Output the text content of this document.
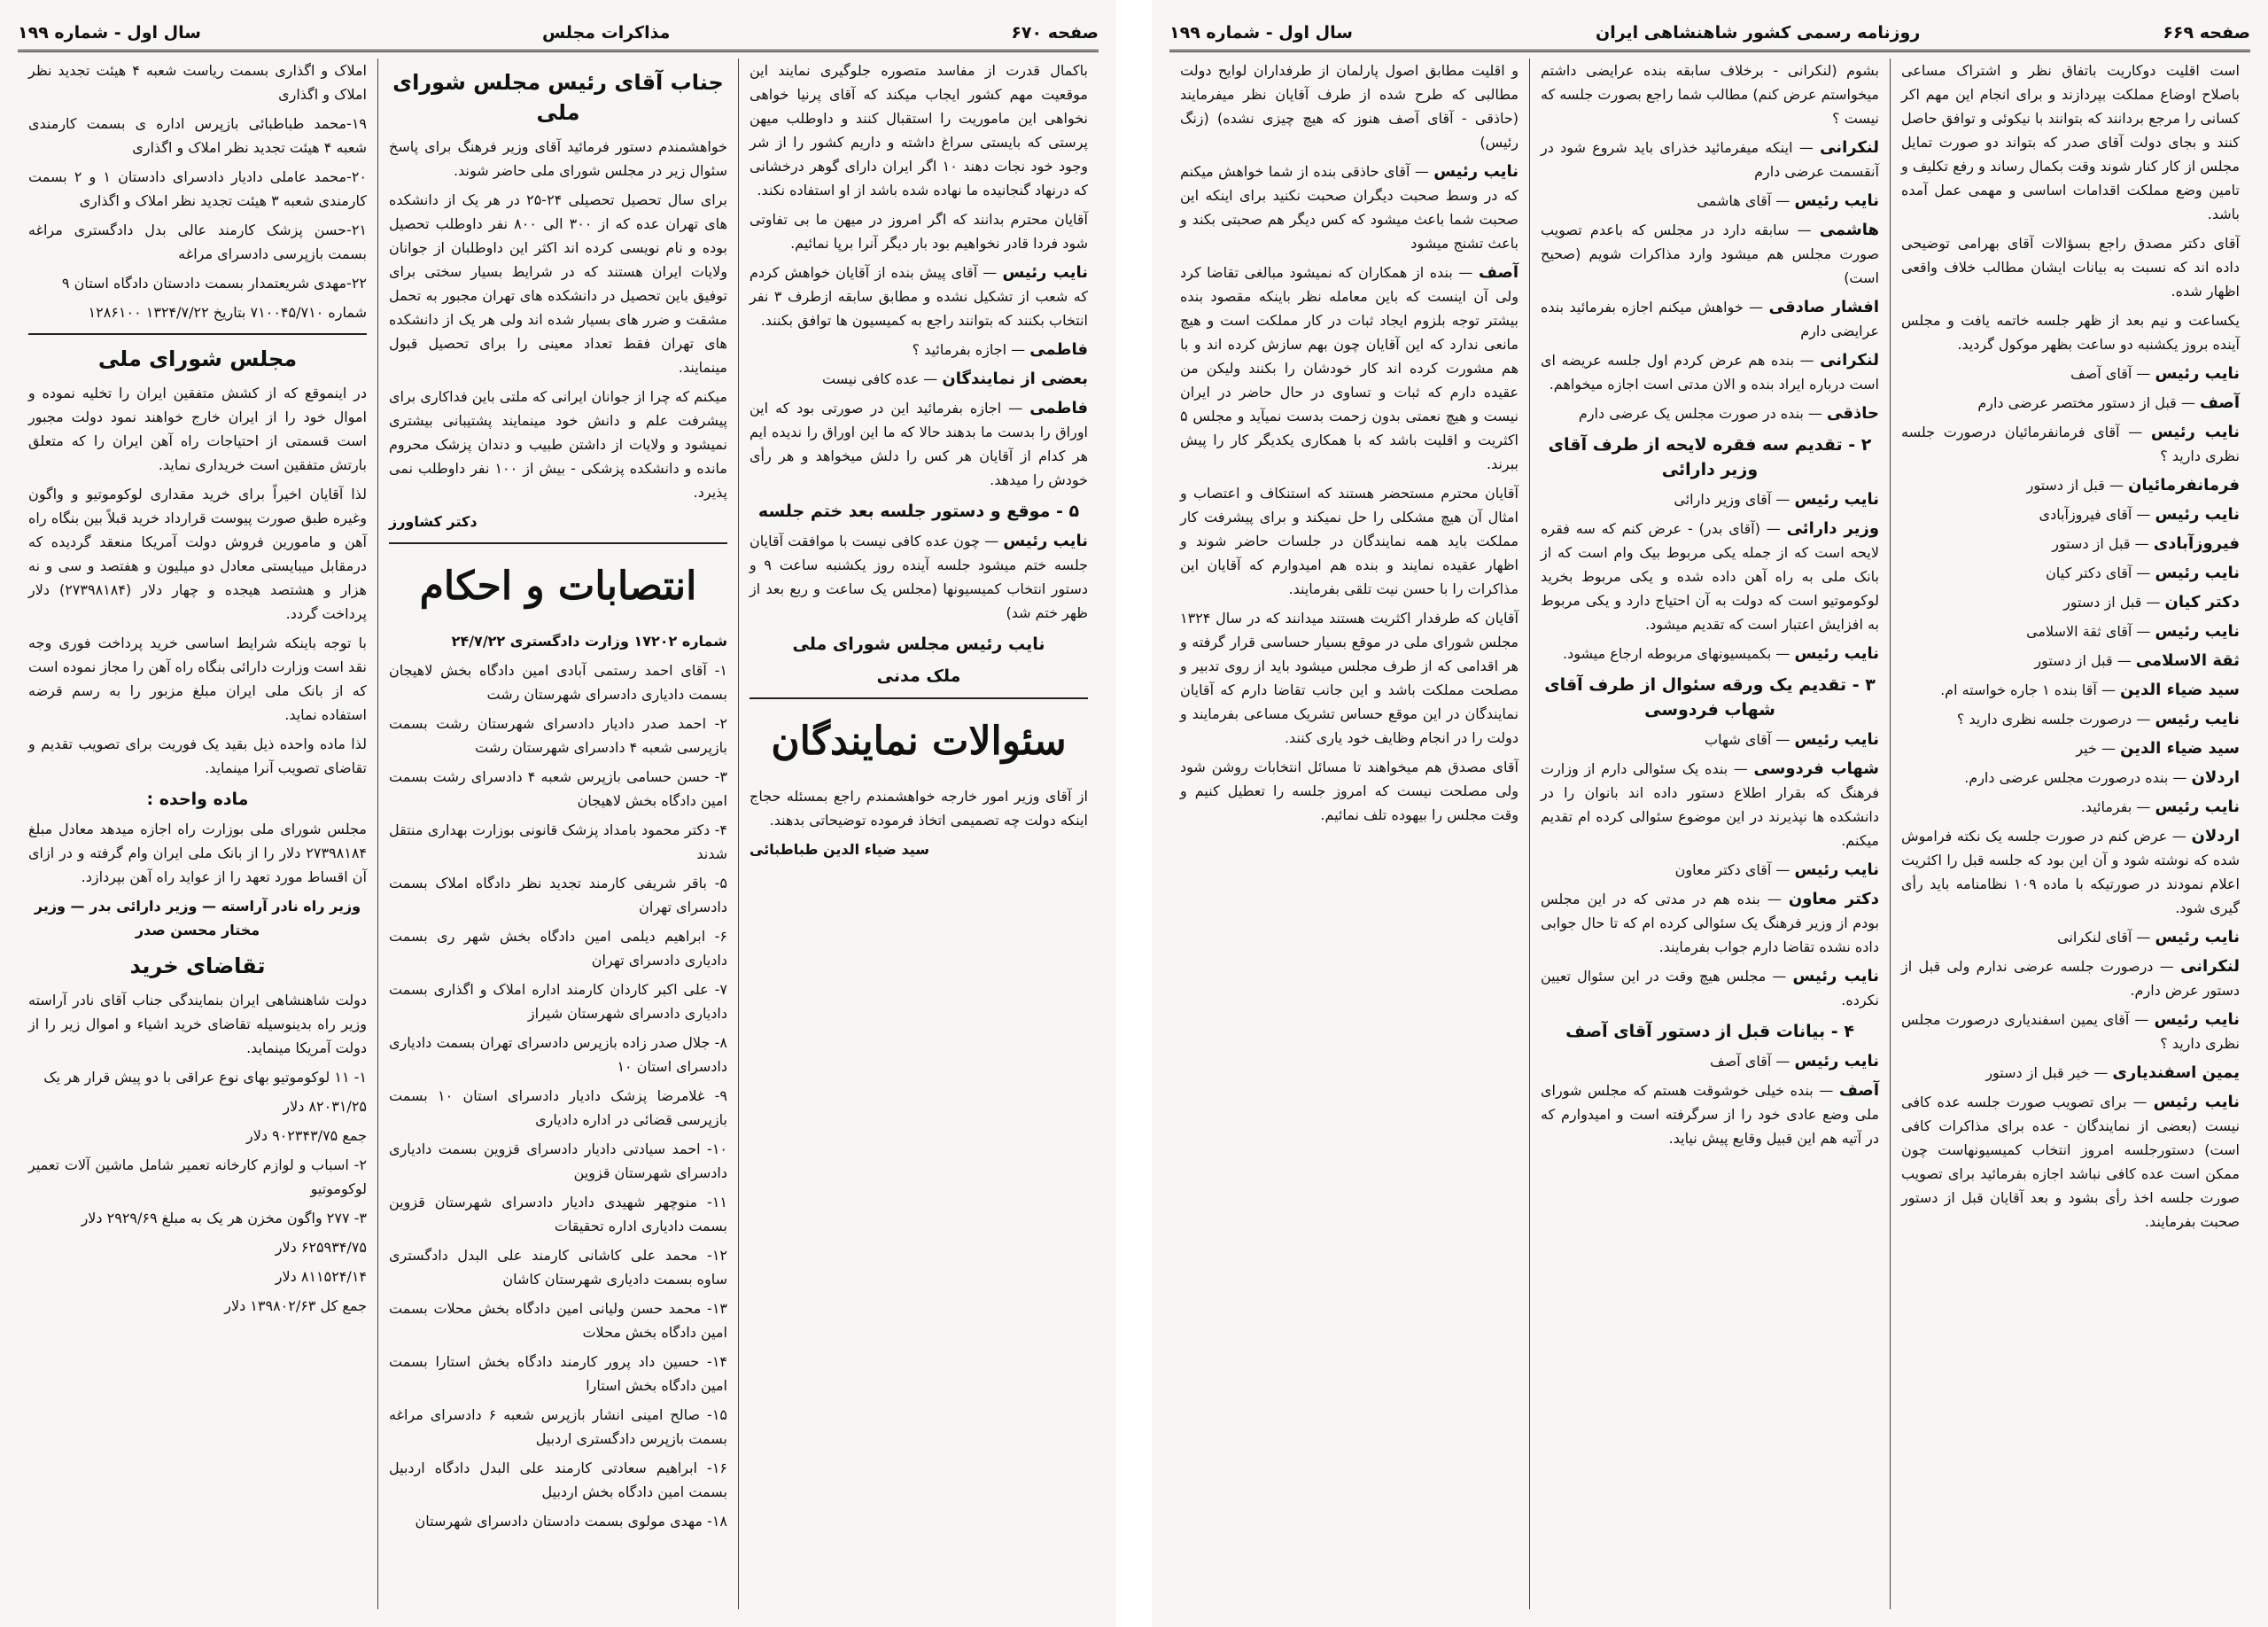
صفحه ۶۷۰
مذاکرات مجلس
سال اول - شماره ۱۹۹

باکمال قدرت از مفاسد متصوره جلوگیری نمایند این موقعیت مهم کشور ایجاب میکند که آقای پرنیا خواهی نخواهی این ماموریت را استقبال کنند و داوطلب میهن پرستی که بایستی سراغ داشته و داریم کشور را از شر وجود خود نجات دهند ۱۰ اگر ایران دارای گوهر درخشانی که درنهاد گنجانیده ما نهاده شده باشد از او استفاده نکند.

آقایان محترم بدانند که اگر امروز در میهن ما بی تفاوتی شود فردا قادر نخواهیم بود بار دیگر آنرا برپا نمائیم.

نایب رئیس — آقای پیش بنده از آقایان خواهش کردم که شعب از تشکیل نشده و مطابق سابقه ازطرف ۳ نفر انتخاب بکنند که بتوانند راجع به کمیسیون ها توافق بکنند.

فاطمی — اجازه بفرمائید ؟

بعضی از نمایندگان — عده کافی نیست

فاطمی — اجازه بفرمائید این در صورتی بود که این اوراق را بدست ما بدهند حالا که ما این اوراق را ندیده ایم هر کدام از آقایان هر کس را دلش میخواهد و هر رأی خودش را میدهد.

۵ - موقع و دستور جلسه بعد ختم جلسه

نایب رئیس — چون عده کافی نیست با موافقت آقایان جلسه ختم میشود جلسه آینده روز یکشنبه ساعت ۹ و دستور انتخاب کمیسیونها (مجلس یک ساعت و ربع بعد از ظهر ختم شد)

نایب رئیس مجلس شورای ملی
ملک مدنی
سئوالات نمایندگان

از آقای وزیر امور خارجه خواهشمندم راجع بمسئله حجاج اینکه دولت چه تصمیمی اتخاذ فرموده توضیحاتی بدهند.

سید ضیاء الدین طباطبائی

جناب آقای رئیس مجلس شورای ملی

خواهشمندم دستور فرمائید آقای وزیر فرهنگ برای پاسخ سئوال زیر در مجلس شورای ملی حاضر شوند.

برای سال تحصیل تحصیلی ۲۴-۲۵ در هر یک از دانشکده های تهران عده که از ۳۰۰ الی ۸۰۰ نفر داوطلب تحصیل بوده و نام نویسی کرده اند اکثر این داوطلبان از جوانان ولایات ایران هستند که در شرایط بسیار سختی برای توفیق باین تحصیل در دانشکده های تهران مجبور به تحمل مشقت و ضرر های بسیار شده اند ولی هر یک از دانشکده های تهران فقط تعداد معینی را برای تحصیل قبول مینمایند.

میکنم که چرا از جوانان ایرانی که ملتی باین فداکاری برای پیشرفت علم و دانش خود مینمایند پشتیبانی بیشتری نمیشود و ولایات از داشتن طبیب و دندان پزشک محروم مانده و دانشکده پزشکی - بیش از ۱۰۰ نفر داوطلب نمی پذیرد.

دکتر کشاورز

انتصابات و احکام

شماره ۱۷۲۰۲ وزارت دادگستری ۲۴/۷/۲۲

۱- آقای احمد رستمی آبادی امین دادگاه بخش لاهیجان بسمت دادیاری دادسرای شهرستان رشت

۲- احمد صدر دادیار دادسرای شهرستان رشت بسمت بازپرسی شعبه ۴ دادسرای شهرستان رشت

۳- حسن حسامی بازپرس شعبه ۴ دادسرای رشت بسمت امین دادگاه بخش لاهیجان

۴- دکتر محمود بامداد پزشک قانونی بوزارت بهداری منتقل شدند

۵- باقر شریفی کارمند تجدید نظر دادگاه املاک بسمت دادسرای تهران

۶- ابراهیم دیلمی امین دادگاه بخش شهر ری بسمت دادیاری دادسرای تهران

۷- علی اکبر کاردان کارمند اداره املاک و اگذاری بسمت دادیاری دادسرای شهرستان شیراز

۸- جلال صدر زاده بازپرس دادسرای تهران بسمت دادیاری دادسرای استان ۱۰

۹- غلامرضا پزشک دادیار دادسرای استان ۱۰ بسمت بازپرسی قضائی در اداره دادیاری

۱۰- احمد سیادتی دادیار دادسرای قزوین بسمت دادیاری دادسرای شهرستان قزوین

۱۱- منوچهر شهیدی دادیار دادسرای شهرستان قزوین بسمت دادیاری اداره تحقیقات

۱۲- محمد علی کاشانی کارمند علی البدل دادگستری ساوه بسمت دادیاری شهرستان کاشان

۱۳- محمد حسن ولیانی امین دادگاه بخش محلات بسمت امین دادگاه بخش محلات

۱۴- حسین داد پرور کارمند دادگاه بخش استارا بسمت امین دادگاه بخش استارا

۱۵- صالح امینی انشار بازپرس شعبه ۶ دادسرای مراغه بسمت بازپرس دادگستری اردبیل

۱۶- ابراهیم سعادتی کارمند علی البدل دادگاه اردبیل بسمت امین دادگاه بخش اردبیل

۱۸- مهدی مولوی بسمت دادستان دادسرای شهرستان

املاک و اگذاری بسمت ریاست شعبه ۴ هیئت تجدید نظر املاک و اگذاری

۱۹-محمد طباطبائی بازپرس اداره ی بسمت کارمندی شعبه ۴ هیئت تجدید نظر املاک و اگذاری

۲۰-محمد عاملی دادیار دادسرای دادستان ۱ و ۲ بسمت کارمندی شعبه ۳ هیئت تجدید نظر املاک و اگذاری

۲۱-حسن پزشک کارمند عالی بدل دادگستری مراغه بسمت بازپرسی دادسرای مراغه

۲۲-مهدی شریعتمدار بسمت دادستان دادگاه استان ۹

شماره ۷۱۰۰۴۵/۷۱۰ بتاریخ ۱۳۲۴/۷/۲۲ ۱۲۸۶۱۰۰

مجلس شورای ملی

در اینموقع که از کشش متفقین ایران را تخلیه نموده و اموال خود را از ایران خارج خواهند نمود دولت مجبور است قسمتی از احتیاجات راه آهن ایران را که متعلق بارتش متفقین است خریداری نماید.

لذا آقایان اخیراً برای خرید مقداری لوکوموتیو و واگون وغیره طبق صورت پیوست قرارداد خرید قبلاً بین بنگاه راه آهن و مامورین فروش دولت آمریکا منعقد گردیده که درمقابل میبایستی معادل دو میلیون و هفتصد و سی و نه هزار و هشتصد هیجده و چهار دلار (۲۷۳۹۸۱۸۴) دلار پرداخت گردد.

با توجه باینکه شرایط اساسی خرید پرداخت فوری وجه نقد است وزارت دارائی بنگاه راه آهن را مجاز نموده است که از بانک ملی ایران مبلغ مزبور را به رسم قرضه استفاده نماید.

لذا ماده واحده ذیل بقید یک فوریت برای تصویب تقدیم و تقاضای تصویب آنرا مینماید.

ماده واحده :

مجلس شورای ملی بوزارت راه اجازه میدهد معادل مبلغ ۲۷۳۹۸۱۸۴ دلار را از بانک ملی ایران وام گرفته و در ازای آن اقساط مورد تعهد را از عواید راه آهن بپردازد.

وزیر راه نادر آراسته — وزیر دارائی بدر — وزیر مختار محسن صدر

تقاضای خرید

دولت شاهنشاهی ایران بنمایندگی جناب آقای نادر آراسته وزیر راه بدینوسیله تقاضای خرید اشیاء و اموال زیر را از دولت آمریکا مینماید.

۱- ۱۱ لوکوموتیو بهای نوع عراقی با دو پیش قرار هر یک

۸۲۰۳۱/۲۵ دلار

جمع ۹۰۲۳۴۳/۷۵ دلار

۲- اسباب و لوازم کارخانه تعمیر شامل ماشین آلات تعمیر لوکوموتیو

۳- ۲۷۷ واگون مخزن هر یک به مبلغ ۲۹۲۹/۶۹ دلار

۶۲۵۹۳۴/۷۵ دلار

۸۱۱۵۲۴/۱۴ دلار

جمع کل ۱۳۹۸۰۲/۶۳ دلار

صفحه ۶۶۹
روزنامه رسمی کشور شاهنشاهی ایران
سال اول - شماره ۱۹۹

است اقلیت دوکاریت باتفاق نظر و اشتراک مساعی باصلاح اوضاع مملکت بپردازند و برای انجام این مهم اکر کسانی را مرجع بردانند که بتوانند با نیکوئی و توافق حاصل کنند و بجای دولت آقای صدر که بتواند دو صورت تمایل مجلس از کار کنار شوند وقت بکمال رساند و رفع تکلیف و تامین وضع مملکت اقدامات اساسی و مهمی عمل آمده باشد.

آقای دکتر مصدق راجع بسؤالات آقای بهرامی توضیحی داده اند که نسبت به بیانات ایشان مطالب خلاف واقعی اظهار شده.

یکساعت و نیم بعد از ظهر جلسه خاتمه یافت و مجلس آینده بروز یکشنبه دو ساعت بظهر موکول گردید.

نایب رئیس — آقای آصف

آصف — قبل از دستور مختصر عرضی دارم

نایب رئیس — آقای فرمانفرمائیان درصورت جلسه نظری دارید ؟

فرمانفرمائیان — قبل از دستور

نایب رئیس — آقای فیروزآبادی

فیروزآبادی — قبل از دستور

نایب رئیس — آقای دکتر کیان

دکتر کیان — قبل از دستور

نایب رئیس — آقای ثقة الاسلامی

ثقة الاسلامی — قبل از دستور

سید ضیاء الدین — آقا بنده ۱ جاره خواسته ام.

نایب رئیس — درصورت جلسه نظری دارید ؟

سید ضیاء الدین — خیر

اردلان — بنده درصورت مجلس عرضی دارم.

نایب رئیس — بفرمائید.

اردلان — عرض کنم در صورت جلسه یک نکته فراموش شده که نوشته شود و آن این بود که جلسه قبل را اکثریت اعلام نمودند در صورتیکه با ماده ۱۰۹ نظامنامه باید رأی گیری شود.

نایب رئیس — آقای لنکرانی

لنکرانی — درصورت جلسه عرضی ندارم ولی قبل از دستور عرض دارم.

نایب رئیس — آقای یمین اسفندیاری درصورت مجلس نظری دارید ؟

یمین اسفندیاری — خیر قبل از دستور

نایب رئیس — برای تصویب صورت جلسه عده کافی نیست (بعضی از نمایندگان - عده برای مذاکرات کافی است) دستورجلسه امروز انتخاب کمیسیونهاست چون ممکن است عده کافی نباشد اجازه بفرمائید برای تصویب صورت جلسه اخذ رأی بشود و بعد آقایان قبل از دستور صحبت بفرمایند.

بشوم (لنکرانی - برخلاف سابقه بنده عرایضی داشتم میخواستم عرض کنم) مطالب شما راجع بصورت جلسه که نیست ؟

لنکرانی — اینکه میفرمائید خذرای باید شروع شود در آنقسمت عرضی دارم

نایب رئیس — آقای هاشمی

هاشمی — سابقه دارد در مجلس که باعدم تصویب صورت مجلس هم میشود وارد مذاکرات شویم (صحیح است)

افشار صادقی — خواهش میکنم اجازه بفرمائید بنده عرایضی دارم

لنکرانی — بنده هم عرض کردم اول جلسه عریضه ای است درباره ایراد بنده و الان مدتی است اجازه میخواهم.

حاذقی — بنده در صورت مجلس یک عرضی دارم

۲ - تقدیم سه فقره لایحه از طرف آقای وزیر دارائی

نایب رئیس — آقای وزیر دارائی

وزیر دارائی — (آقای بدر) - عرض کنم که سه فقره لایحه است که از جمله یکی مربوط بیک وام است که از بانک ملی به راه آهن داده شده و یکی مربوط بخرید لوکوموتیو است که دولت به آن احتیاج دارد و یکی مربوط به افزایش اعتبار است که تقدیم میشود.

نایب رئیس — بکمیسیونهای مربوطه ارجاع میشود.

۳ - تقدیم یک ورقه سئوال از طرف آقای شهاب فردوسی

نایب رئیس — آقای شهاب

شهاب فردوسی — بنده یک سئوالی دارم از وزارت فرهنگ که بقرار اطلاع دستور داده اند بانوان را در دانشکده ها نپذیرند در این موضوع سئوالی کرده ام تقدیم میکنم.

نایب رئیس — آقای دکتر معاون

دکتر معاون — بنده هم در مدتی که در این مجلس بودم از وزیر فرهنگ یک سئوالی کرده ام که تا حال جوابی داده نشده تقاضا دارم جواب بفرمایند.

نایب رئیس — مجلس هیچ وقت در این سئوال تعیین نکرده.

۴ - بیانات قبل از دستور آقای آصف

نایب رئیس — آقای آصف

آصف — بنده خیلی خوشوقت هستم که مجلس شورای ملی وضع عادی خود را از سرگرفته است و امیدوارم که در آتیه هم این قبیل وقایع پیش نیاید.

و اقلیت مطابق اصول پارلمان از طرفداران لوایح دولت مطالبی که طرح شده از طرف آقایان نظر میفرمایند (حاذقی - آقای آصف هنوز که هیچ چیزی نشده) (زنگ رئیس)

نایب رئیس — آقای حاذقی بنده از شما خواهش میکنم که در وسط صحبت دیگران صحبت نکنید برای اینکه این صحبت شما باعث میشود که کس دیگر هم صحبتی بکند و باعث تشنج میشود

آصف — بنده از همکاران که نمیشود مبالغی تقاضا کرد ولی آن اینست که باین معامله نظر باینکه مقصود بنده بیشتر توجه بلزوم ایجاد ثبات در کار مملکت است و هیچ مانعی ندارد که این آقایان چون بهم سازش کرده اند و با هم مشورت کرده اند کار خودشان را بکنند ولیکن من عقیده دارم که ثبات و تساوی در حال حاضر در ایران نیست و هیچ نعمتی بدون زحمت بدست نمیآید و مجلس ۵ اکثریت و اقلیت باشد که با همکاری یکدیگر کار را پیش ببرند.

آقایان محترم مستحضر هستند که استنکاف و اعتصاب و امثال آن هیچ مشکلی را حل نمیکند و برای پیشرفت کار مملکت باید همه نمایندگان در جلسات حاضر شوند و اظهار عقیده نمایند و بنده هم امیدوارم که آقایان این مذاکرات را با حسن نیت تلقی بفرمایند.

آقایان که طرفدار اکثریت هستند میدانند که در سال ۱۳۲۴ مجلس شورای ملی در موقع بسیار حساسی قرار گرفته و هر اقدامی که از طرف مجلس میشود باید از روی تدبیر و مصلحت مملکت باشد و این جانب تقاضا دارم که آقایان نمایندگان در این موقع حساس تشریک مساعی بفرمایند و دولت را در انجام وظایف خود یاری کنند.

آقای مصدق هم میخواهند تا مسائل انتخابات روشن شود ولی مصلحت نیست که امروز جلسه را تعطیل کنیم و وقت مجلس را بیهوده تلف نمائیم.
